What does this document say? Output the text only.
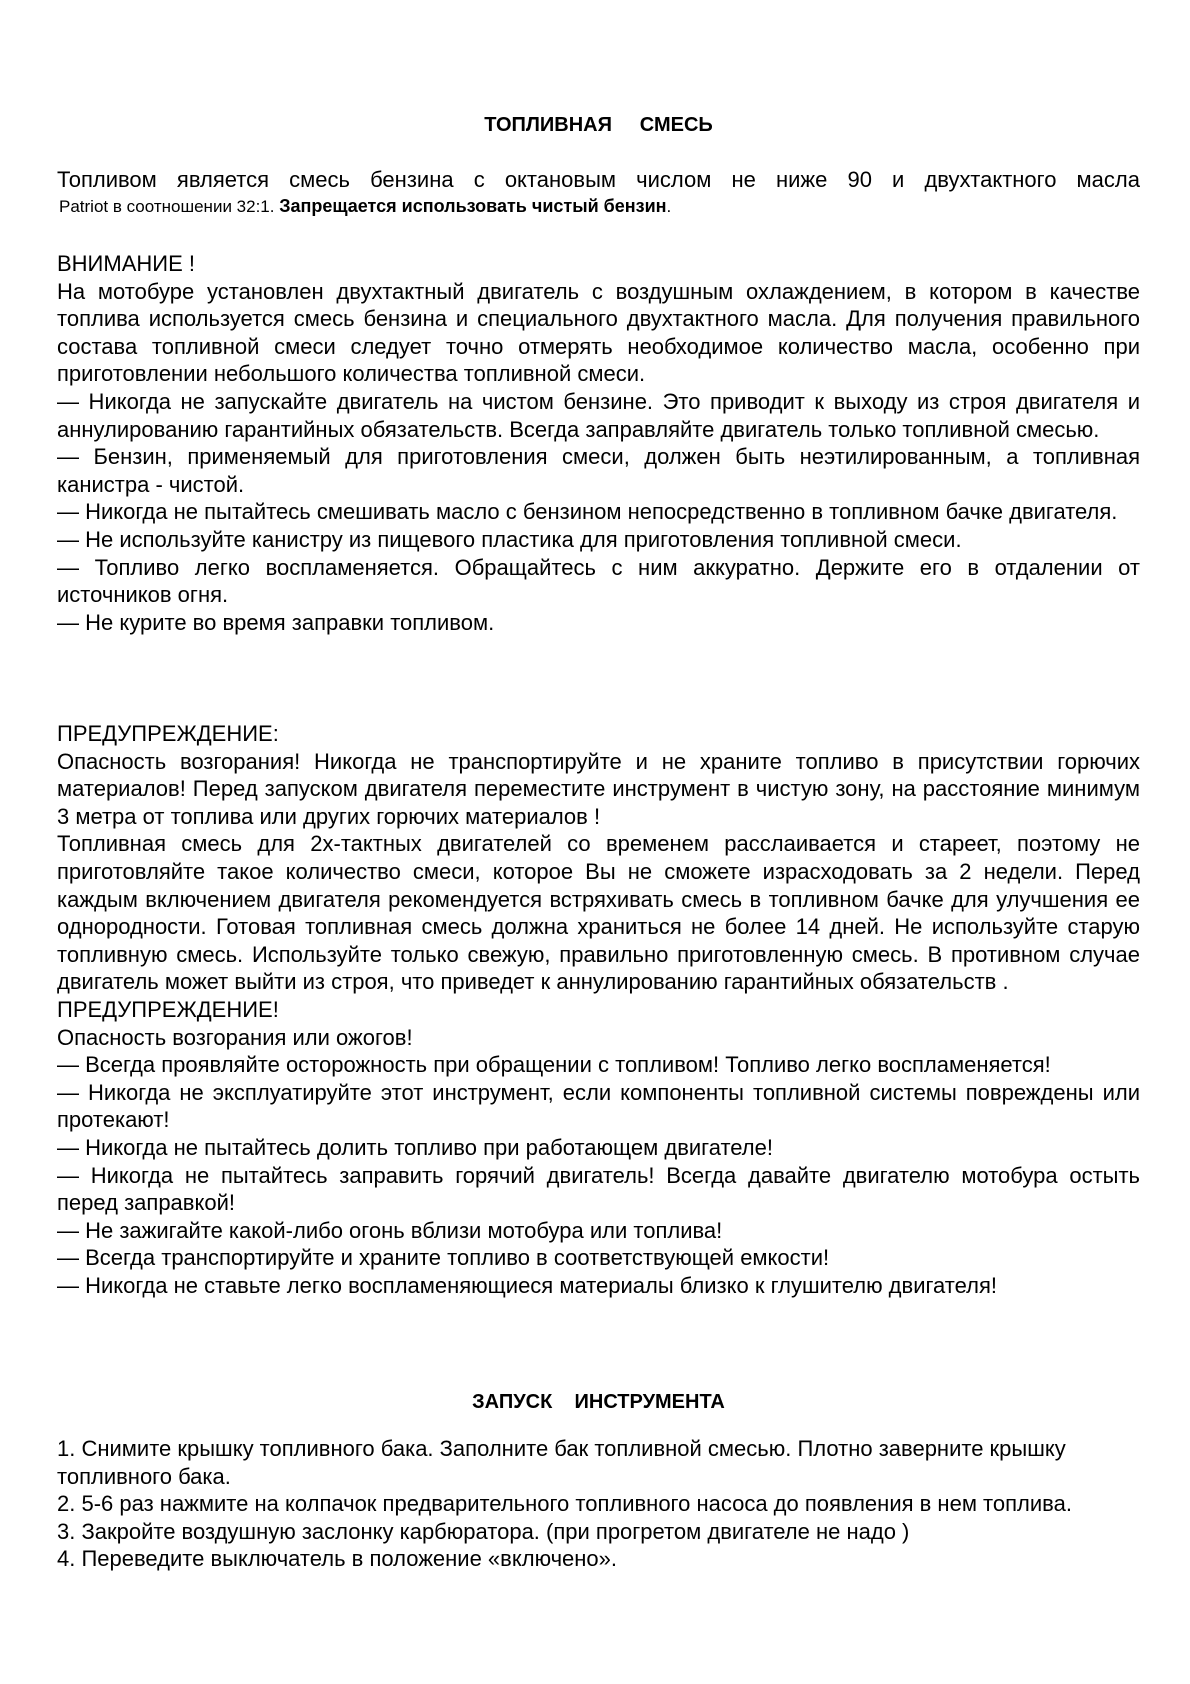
ТОПЛИВНАЯ     СМЕСЬ

Топливом является смесь бензина с октановым числом не ниже 90 и двухтактного масла

Patriot в соотношении 32:1. Запрещается использовать чистый бензин.

ВНИМАНИЕ !

На мотобуре установлен двухтактный двигатель с воздушным охлаждением, в котором в качестве топлива используется смесь бензина и специального двухтактного масла. Для получения правильного состава топливной смеси следует точно отмерять необходимое количество масла, особенно при приготовлении небольшого количества топливной смеси.

— Никогда не запускайте двигатель на чистом бензине. Это приводит к выходу из строя двигателя и аннулированию гарантийных обязательств. Всегда заправляйте двигатель только топливной смесью.

— Бензин, применяемый для приготовления смеси, должен быть неэтилированным, а топливная канистра - чистой.

— Никогда не пытайтесь смешивать масло с бензином непосредственно в топливном бачке двигателя.

— Не используйте канистру из пищевого пластика для приготовления топливной смеси.

— Топливо легко воспламеняется. Обращайтесь с ним аккуратно. Держите его в отдалении от источников огня.

— Не курите во время заправки топливом.

ПРЕДУПРЕЖДЕНИЕ:

Опасность возгорания! Никогда не транспортируйте и не храните топливо в присутствии горючих материалов! Перед запуском двигателя переместите инструмент в чистую зону, на расстояние минимум 3 метра от топлива или других горючих материалов !

Топливная смесь для 2х-тактных двигателей со временем расслаивается и стареет, поэтому не приготовляйте такое количество смеси, которое Вы не сможете израсходовать за 2 недели. Перед каждым включением двигателя рекомендуется встряхивать смесь в топливном бачке для улучшения ее однородности. Готовая топливная смесь должна храниться не более 14 дней. Не используйте старую топливную смесь. Используйте только свежую, правильно приготовленную смесь. В противном случае двигатель может выйти из строя, что приведет к аннулированию гарантийных обязательств .

ПРЕДУПРЕЖДЕНИЕ!

Опасность возгорания или ожогов!

— Всегда проявляйте осторожность при обращении с топливом! Топливо легко воспламеняется!

— Никогда не эксплуатируйте этот инструмент, если компоненты топливной системы повреждены или протекают!

— Никогда не пытайтесь долить топливо при работающем двигателе!

— Никогда не пытайтесь заправить горячий двигатель! Всегда давайте двигателю мотобура остыть перед заправкой!

— Не зажигайте какой-либо огонь вблизи мотобура или топлива!

— Всегда транспортируйте и храните топливо в соответствующей емкости!

— Никогда не ставьте легко воспламеняющиеся материалы близко к глушителю двигателя!

ЗАПУСК    ИНСТРУМЕНТА

1. Снимите крышку топливного бака. Заполните бак топливной смесью. Плотно заверните крышку топливного бака.

2. 5-6 раз нажмите на колпачок предварительного топливного насоса до появления в нем топлива.

3. Закройте воздушную заслонку карбюратора. (при прогретом двигателе не надо )

4. Переведите выключатель в положение «включено».
